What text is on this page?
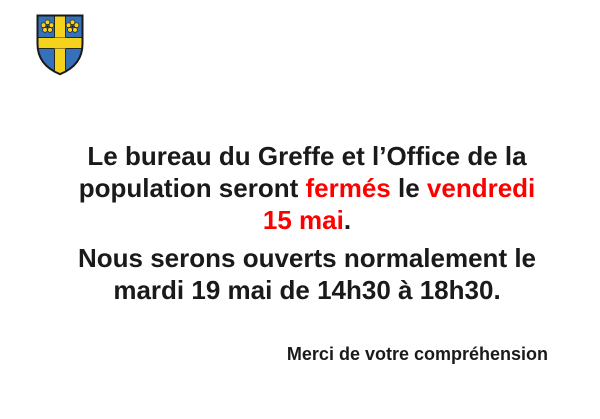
Le bureau du Greffe et l’Office de la population seront fermés le vendredi 15 mai.

Nous serons ouverts normalement le mardi 19 mai de 14h30 à 18h30.

Merci de votre compréhension
